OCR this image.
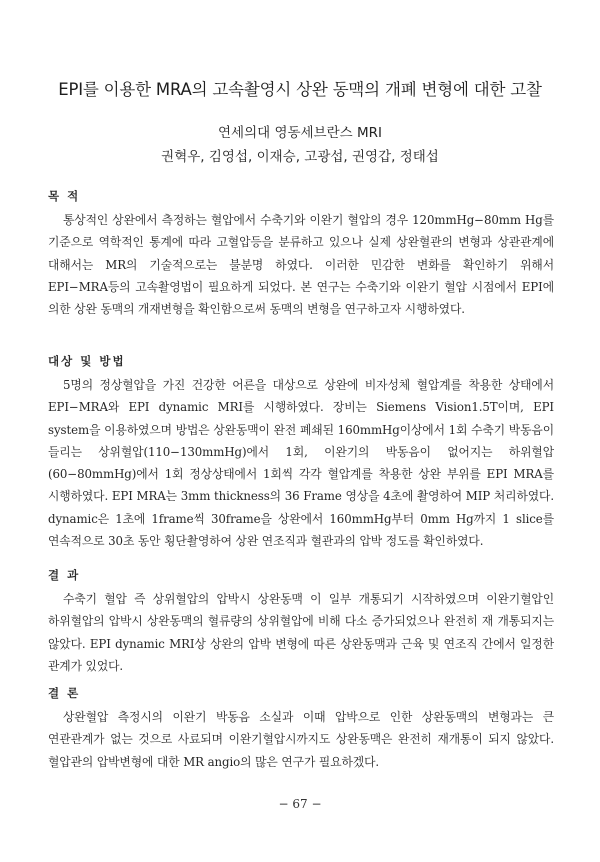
EPI를 이용한 MRA의 고속촬영시 상완 동맥의 개폐 변형에 대한 고찰
연세의대 영동세브란스 MRI
권혁우, 김영섭, 이재승, 고광섭, 권영갑, 정태섭
목 적

통상적인 상완에서 측정하는 혈압에서 수축기와 이완기 혈압의 경우 120mmHg−80mm Hg를 기준으로 역학적인 통계에 따라 고혈압등을 분류하고 있으나 실제 상완혈관의 변형과 상관관계에 대해서는 MR의 기술적으로는 불분명 하였다. 이러한 민감한 변화를 확인하기 위해서 EPI−MRA등의 고속촬영법이 필요하게 되었다. 본 연구는 수축기와 이완기 혈압 시점에서 EPI에 의한 상완 동맥의 개재변형을 확인함으로써 동맥의 변형을 연구하고자 시행하였다.

대상 및 방법

5명의 정상혈압을 가진 건강한 어른을 대상으로 상완에 비자성체 혈압계를 착용한 상태에서 EPI−MRA와 EPI dynamic MRI를 시행하였다. 장비는 Siemens Vision1.5T이며, EPI system을 이용하였으며 방법은 상완동맥이 완전 폐쇄된 160mmHg이상에서 1회 수축기 박동음이 들리는 상위혈압(110−130mmHg)에서 1회, 이완기의 박동음이 없어지는 하위혈압(60−80mmHg)에서 1회 정상상태에서 1회씩 각각 혈압계를 착용한 상완 부위를 EPI MRA를 시행하였다. EPI MRA는 3mm thickness의 36 Frame 영상을 4초에 촬영하여 MIP 처리하였다. dynamic은 1초에 1frame씩 30frame을 상완에서 160mmHg부터 0mm Hg까지 1 slice를 연속적으로 30초 동안 횡단촬영하여 상완 연조직과 혈관과의 압박 정도를 확인하였다.

결 과

수축기 혈압 즉 상위혈압의 압박시 상완동맥 이 일부 개통되기 시작하였으며 이완기혈압인 하위혈압의 압박시 상완동맥의 혈류량의 상위혈압에 비해 다소 증가되었으나 완전히 재 개통되지는 않았다. EPI dynamic MRI상 상완의 압박 변형에 따른 상완동맥과 근육 및 연조직 간에서 일정한 관계가 있었다.

결 론

상완혈압 측정시의 이완기 박동음 소실과 이때 압박으로 인한 상완동맥의 변형과는 큰 연관관계가 없는 것으로 사료되며 이완기혈압시까지도 상완동맥은 완전히 재개통이 되지 않았다. 혈압관의 압박변형에 대한 MR angio의 많은 연구가 필요하겠다.

− 67 −
